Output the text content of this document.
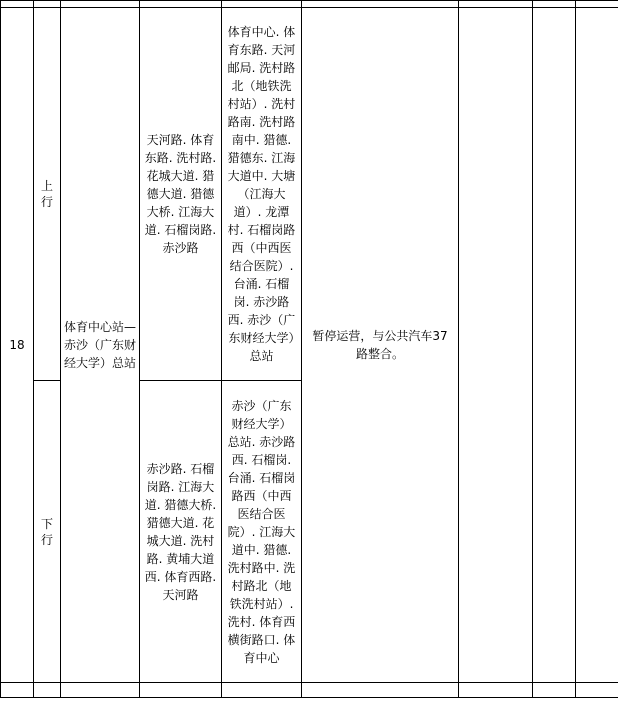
18	上行	体育中心站—赤沙（广东财经大学）总站	天河路. 体育东路. 洗村路. 花城大道. 猎德大道. 猎德大桥. 江海大道. 石榴岗路. 赤沙路	体育中心. 体育东路. 天河邮局. 洗村路北（地铁洗村站）. 洗村路南. 洗村路南中. 猎德. 猎德东. 江海大道中. 大塘（江海大道）. 龙潭村. 石榴岗路西（中西医结合医院）. 台涌. 石榴岗. 赤沙路西. 赤沙（广东财经大学）总站	暂停运营，与公共汽车37路整合。			

	下行		赤沙路. 石榴岗路. 江海大道. 猎德大桥. 猎德大道. 花城大道. 洗村路. 黄埔大道西. 体育西路. 天河路	赤沙（广东财经大学）总站. 赤沙路西. 石榴岗. 台涌. 石榴岗路西（中西医结合医院）. 江海大道中. 猎德. 洗村路中. 洗村路北（地铁洗村站）. 洗村. 体育西横街路口. 体育中心				
